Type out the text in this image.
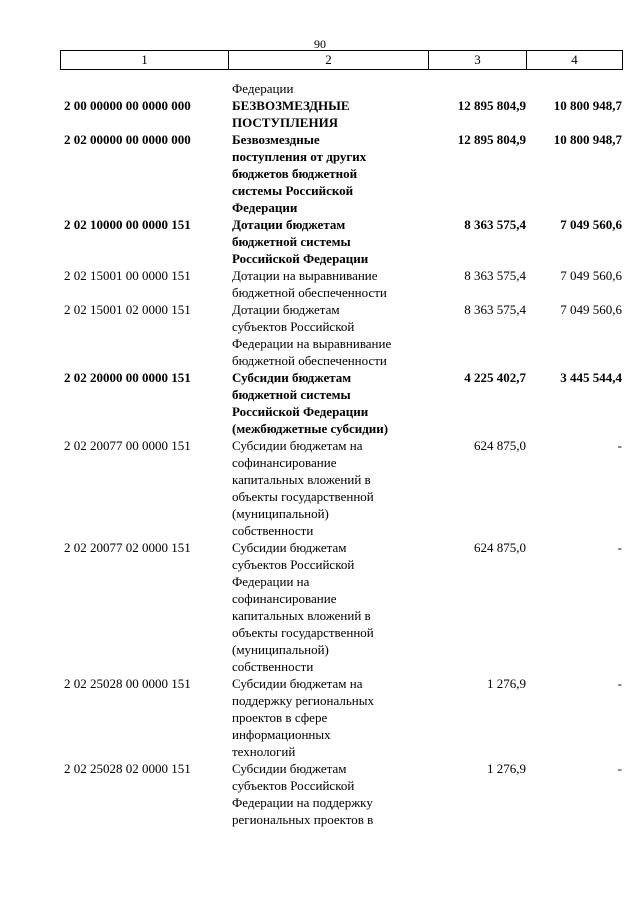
90
1	2	3	4
Федерации
2 00 00000 00 0000 000	БЕЗВОЗМЕЗДНЫЕ
ПОСТУПЛЕНИЯ
12 895 804,9	10 800 948,7
2 02 00000 00 0000 000	Безвозмездные
поступления от других
бюджетов бюджетной
системы Российской
Федерации
12 895 804,9	10 800 948,7
2 02 10000 00 0000 151	Дотации бюджетам
бюджетной системы
Российской Федерации
8 363 575,4	7 049 560,6
2 02 15001 00 0000 151	Дотации на выравнивание
бюджетной обеспеченности
8 363 575,4	7 049 560,6
2 02 15001 02 0000 151	Дотации бюджетам
субъектов Российской
Федерации на выравнивание
бюджетной обеспеченности
8 363 575,4	7 049 560,6
2 02 20000 00 0000 151	Субсидии бюджетам
бюджетной системы
Российской Федерации
(межбюджетные субсидии)
4 225 402,7	3 445 544,4
2 02 20077 00 0000 151	Субсидии бюджетам на
софинансирование
капитальных вложений в
объекты государственной
(муниципальной)
собственности
624 875,0	-
2 02 20077 02 0000 151	Субсидии бюджетам
субъектов Российской
Федерации на
софинансирование
капитальных вложений в
объекты государственной
(муниципальной)
собственности
624 875,0	-
2 02 25028 00 0000 151	Субсидии бюджетам на
поддержку региональных
проектов в сфере
информационных
технологий
1 276,9	-
2 02 25028 02 0000 151	Субсидии бюджетам
субъектов Российской
Федерации на поддержку
региональных проектов в
1 276,9	-
